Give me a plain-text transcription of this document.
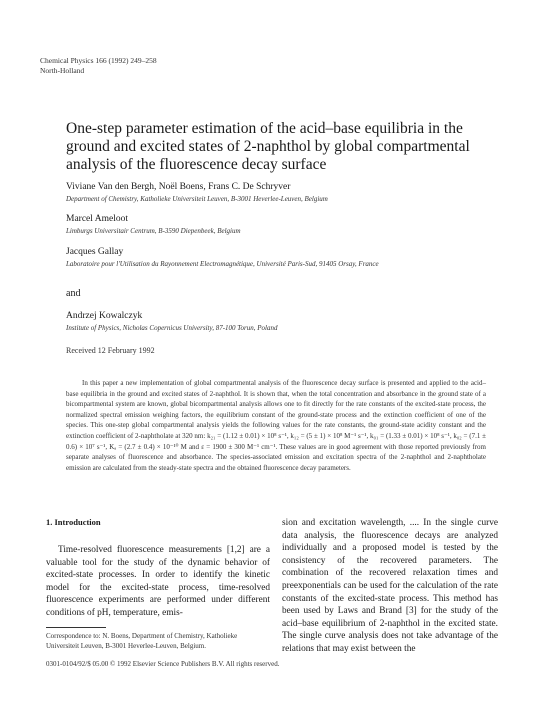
Chemical Physics 166 (1992) 249–258
North-Holland
One-step parameter estimation of the acid–base equilibria in the ground and excited states of 2-naphthol by global compartmental analysis of the fluorescence decay surface
Viviane Van den Bergh, Noël Boens, Frans C. De Schryver
Department of Chemistry, Katholieke Universiteit Leuven, B-3001 Heverlee-Leuven, Belgium
Marcel Ameloot
Limburgs Universitair Centrum, B-3590 Diepenbeek, Belgium
Jacques Gallay
Laboratoire pour l'Utilisation du Rayonnement Electromagnétique, Université Paris-Sud, 91405 Orsay, France
and
Andrzej Kowalczyk
Institute of Physics, Nicholas Copernicus University, 87-100 Torun, Poland
Received 12 February 1992
In this paper a new implementation of global compartmental analysis of the fluorescence decay surface is presented and applied to the acid–base equilibria in the ground and excited states of 2-naphthol. It is shown that, when the total concentration and absorbance in the ground state of a bicompartmental system are known, global bicompartmental analysis allows one to fit directly for the rate constants of the excited-state process, the normalized spectral emission weighing factors, the equilibrium constant of the ground-state process and the extinction coefficient of one of the species. This one-step global compartmental analysis yields the following values for the rate constants, the ground-state acidity constant and the extinction coefficient of 2-naphtholate at 320 nm: k₂₁ = (1.12 ± 0.01) × 10⁸ s⁻¹, k₁₂ = (5 ± 1) × 10⁸ M⁻¹ s⁻¹, k₀₁ = (1.33 ± 0.01) × 10⁸ s⁻¹, k₀₂ = (7.1 ± 0.6) × 10⁷ s⁻¹, Kₐ = (2.7 ± 0.4) × 10⁻¹⁰ M and ε = 1900 ± 300 M⁻¹ cm⁻¹. These values are in good agreement with those reported previously from separate analyses of fluorescence and absorbance. The species-associated emission and excitation spectra of the 2-naphthol and 2-naphtholate emission are calculated from the steady-state spectra and the obtained fluorescence decay parameters.
1. Introduction
Time-resolved fluorescence measurements [1,2] are a valuable tool for the study of the dynamic behavior of excited-state processes. In order to identify the kinetic model for the excited-state process, time-resolved fluorescence experiments are performed under different conditions of pH, temperature, emis-
sion and excitation wavelength, .... In the single curve data analysis, the fluorescence decays are analyzed individually and a proposed model is tested by the consistency of the recovered parameters. The combination of the recovered relaxation times and preexponentials can be used for the calculation of the rate constants of the excited-state process. This method has been used by Laws and Brand [3] for the study of the acid–base equilibrium of 2-naphthol in the excited state. The single curve analysis does not take advantage of the relations that may exist between the
Correspondence to: N. Boens, Department of Chemistry, Katholieke Universiteit Leuven, B-3001 Heverlee-Leuven, Belgium.
0301-0104/92/$ 05.00 © 1992 Elsevier Science Publishers B.V. All rights reserved.
